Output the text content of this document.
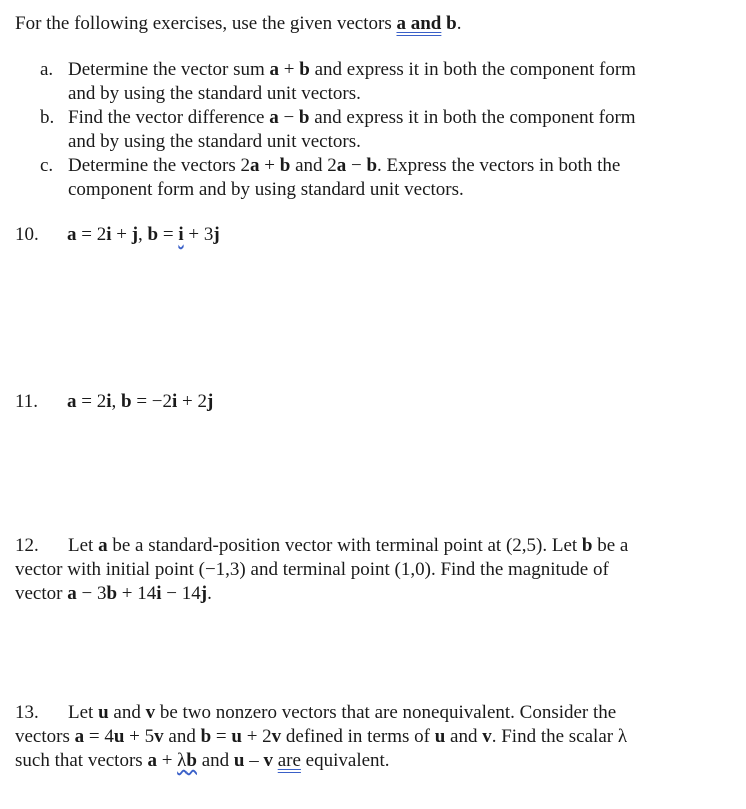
For the following exercises, use the given vectors a and b.
a. Determine the vector sum a + b and express it in both the component form
and by using the standard unit vectors.
b. Find the vector difference a − b and express it in both the component form
and by using the standard unit vectors.
c. Determine the vectors 2a + b and 2a − b. Express the vectors in both the
component form and by using standard unit vectors.
10. a = 2i + j, b = i + 3j
11. a = 2i, b = −2i + 2j
12. Let a be a standard-position vector with terminal point at (2,5). Let b be a
vector with initial point (−1,3) and terminal point (1,0). Find the magnitude of
vector a − 3b + 14i − 14j.
13. Let u and v be two nonzero vectors that are nonequivalent. Consider the
vectors a = 4u + 5v and b = u + 2v defined in terms of u and v. Find the scalar λ
such that vectors a + λb and u – v are equivalent.
